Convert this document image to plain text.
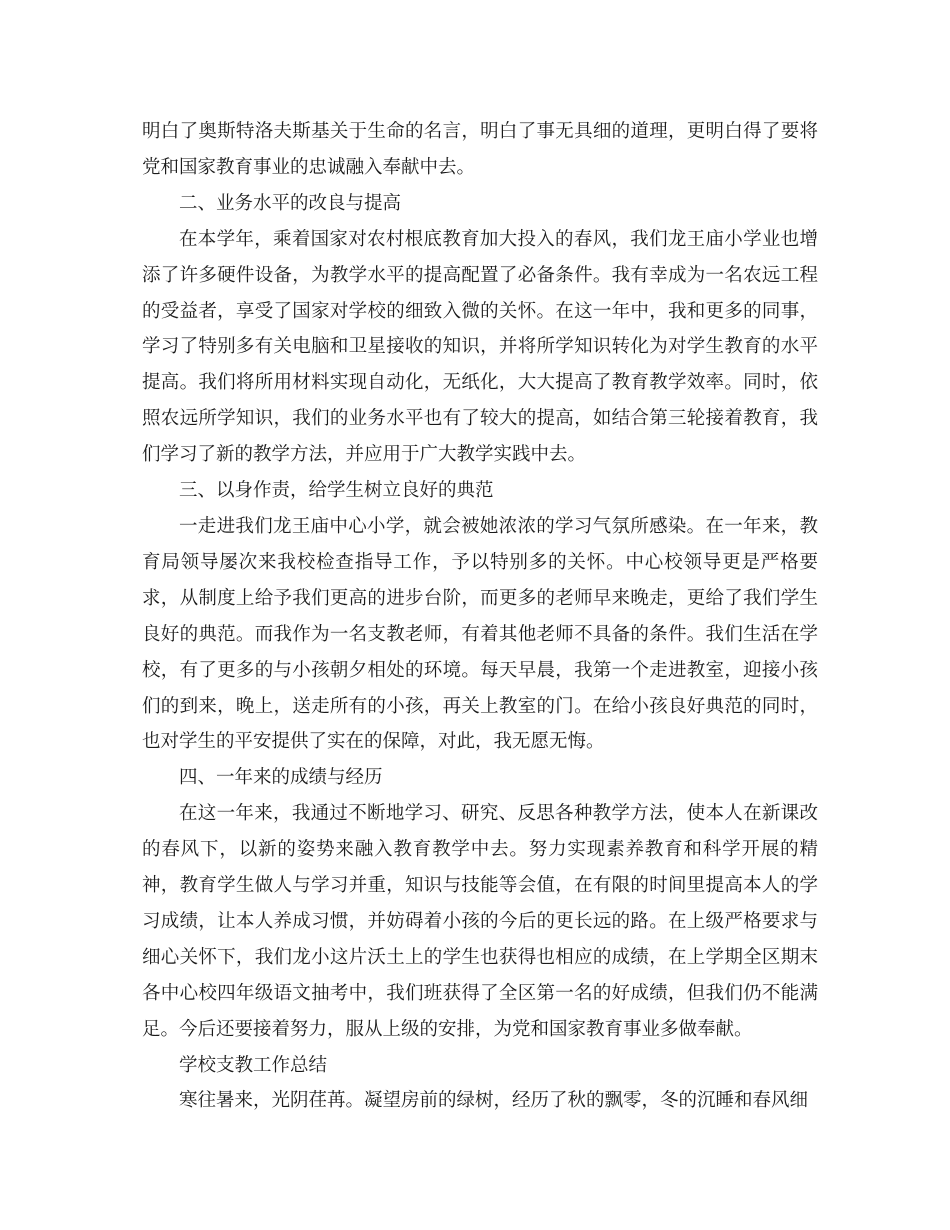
明白了奥斯特洛夫斯基关于生命的名言，明白了事无具细的道理，更明白得了要将党和国家教育事业的忠诚融入奉献中去。

二、业务水平的改良与提高

在本学年，乘着国家对农村根底教育加大投入的春风，我们龙王庙小学业也增添了许多硬件设备，为教学水平的提高配置了必备条件。我有幸成为一名农远工程的受益者，享受了国家对学校的细致入微的关怀。在这一年中，我和更多的同事，学习了特别多有关电脑和卫星接收的知识，并将所学知识转化为对学生教育的水平提高。我们将所用材料实现自动化，无纸化，大大提高了教育教学效率。同时，依照农远所学知识，我们的业务水平也有了较大的提高，如结合第三轮接着教育，我们学习了新的教学方法，并应用于广大教学实践中去。

三、以身作责，给学生树立良好的典范

一走进我们龙王庙中心小学，就会被她浓浓的学习气氛所感染。在一年来，教育局领导屡次来我校检查指导工作，予以特别多的关怀。中心校领导更是严格要求，从制度上给予我们更高的进步台阶，而更多的老师早来晚走，更给了我们学生良好的典范。而我作为一名支教老师，有着其他老师不具备的条件。我们生活在学校，有了更多的与小孩朝夕相处的环境。每天早晨，我第一个走进教室，迎接小孩们的到来，晚上，送走所有的小孩，再关上教室的门。在给小孩良好典范的同时，也对学生的平安提供了实在的保障，对此，我无愿无悔。

四、一年来的成绩与经历

在这一年来，我通过不断地学习、研究、反思各种教学方法，使本人在新课改的春风下，以新的姿势来融入教育教学中去。努力实现素养教育和科学开展的精神，教育学生做人与学习并重，知识与技能等会值，在有限的时间里提高本人的学习成绩，让本人养成习惯，并妨碍着小孩的今后的更长远的路。在上级严格要求与细心关怀下，我们龙小这片沃土上的学生也获得也相应的成绩，在上学期全区期末各中心校四年级语文抽考中，我们班获得了全区第一名的好成绩，但我们仍不能满足。今后还要接着努力，服从上级的安排，为党和国家教育事业多做奉献。

学校支教工作总结

寒往暑来，光阴荏苒。凝望房前的绿树，经历了秋的飘零，冬的沉睡和春风细
